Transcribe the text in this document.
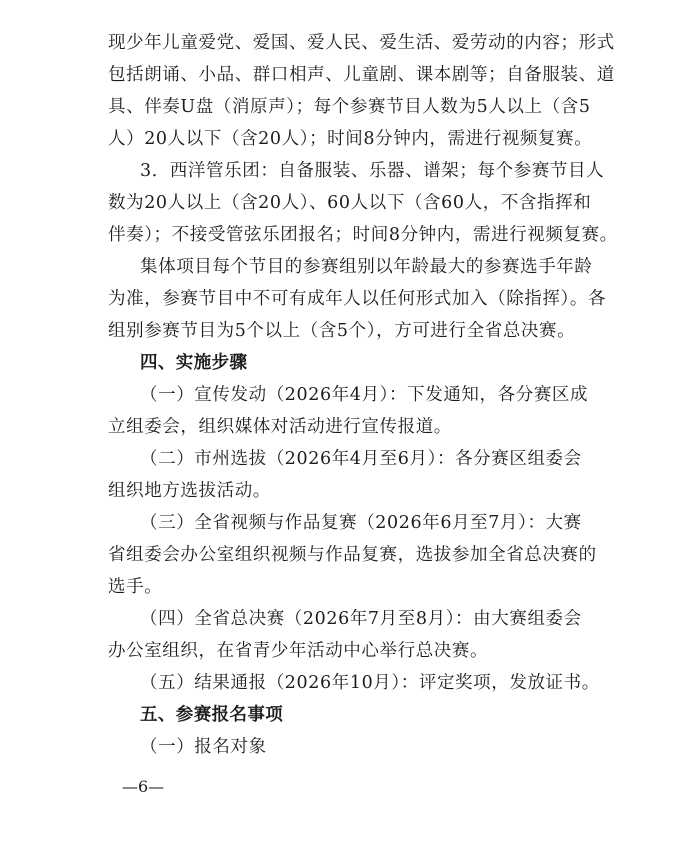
现少年儿童爱党、爱国、爱人民、爱生活、爱劳动的内容；形式
包括朗诵、小品、群口相声、儿童剧、课本剧等；自备服装、道
具、伴奏U盘（消原声）；每个参赛节目人数为5人以上（含5
人）20人以下（含20人）；时间8分钟内，需进行视频复赛。
3．西洋管乐团：自备服装、乐器、谱架；每个参赛节目人
数为20人以上（含20人）、60人以下（含60人，不含指挥和
伴奏）；不接受管弦乐团报名；时间8分钟内，需进行视频复赛。
集体项目每个节目的参赛组别以年龄最大的参赛选手年龄
为准，参赛节目中不可有成年人以任何形式加入（除指挥）。各
组别参赛节目为5个以上（含5个），方可进行全省总决赛。
四、实施步骤
（一）宣传发动（2026年4月）：下发通知，各分赛区成
立组委会，组织媒体对活动进行宣传报道。
（二）市州选拔（2026年4月至6月）：各分赛区组委会
组织地方选拔活动。
（三）全省视频与作品复赛（2026年6月至7月）：大赛
省组委会办公室组织视频与作品复赛，选拔参加全省总决赛的
选手。
（四）全省总决赛（2026年7月至8月）：由大赛组委会
办公室组织，在省青少年活动中心举行总决赛。
（五）结果通报（2026年10月）：评定奖项，发放证书。
五、参赛报名事项
（一）报名对象
—6—
